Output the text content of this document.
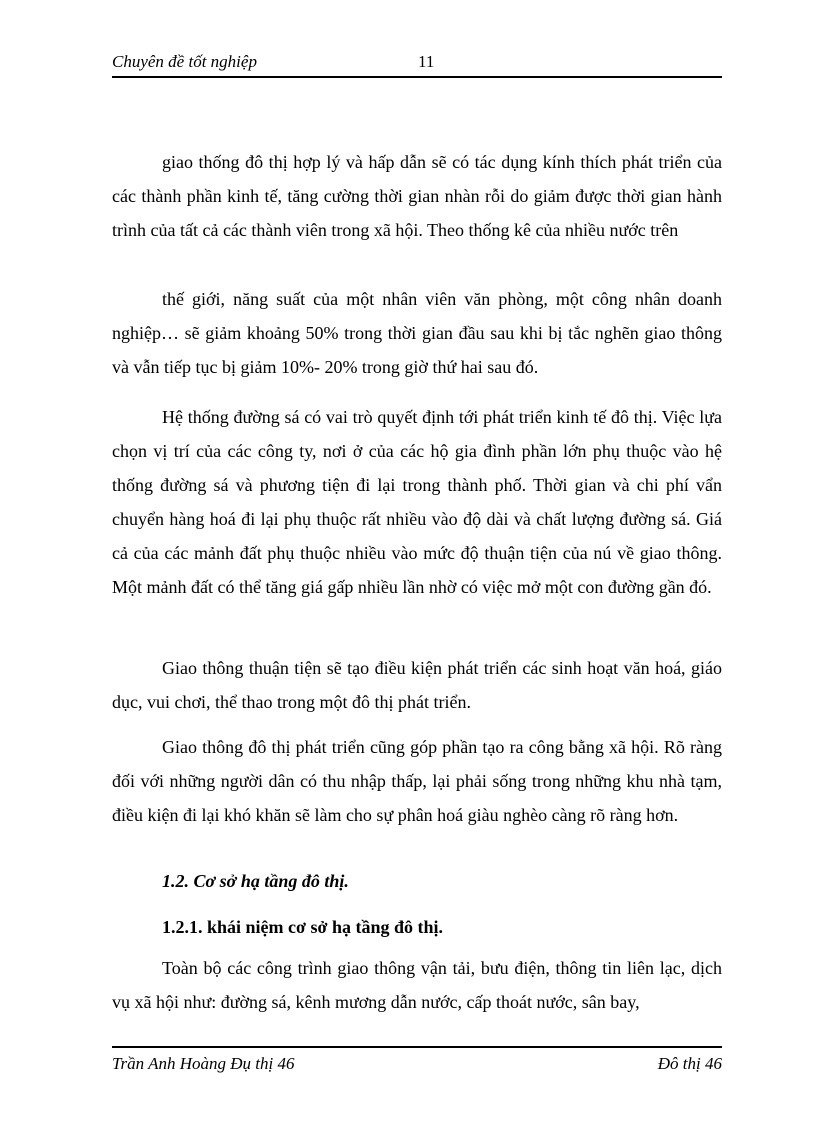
Chuyên đề tốt nghiệp	11

giao thống đô thị hợp lý và hấp dẫn sẽ có tác dụng kính thích phát triển của các thành phần kinh tế, tăng cường thời gian nhàn rỗi do giảm được thời gian hành trình của tất cả các thành viên trong xã hội. Theo thống kê của nhiều nước trên

thế giới, năng suất của một nhân viên văn phòng, một công nhân doanh nghiệp… sẽ giảm khoảng 50% trong thời gian đầu sau khi bị tắc nghẽn giao thông và vẫn tiếp tục bị giảm 10%- 20% trong giờ thứ hai sau đó.

Hệ thống đường sá có vai trò quyết định tới phát triển kinh tế đô thị. Việc lựa chọn vị trí của các công ty, nơi ở của các hộ gia đình phần lớn phụ thuộc vào hệ thống đường sá và phương tiện đi lại trong thành phố. Thời gian và chi phí vẩn chuyển hàng hoá đi lại phụ thuộc rất nhiều vào độ dài và chất lượng đường sá. Giá cả của các mảnh đất phụ thuộc nhiều vào mức độ thuận tiện của nú về giao thông. Một mảnh đất có thể tăng giá gấp nhiều lần nhờ có việc mở một con đường gần đó.

Giao thông thuận tiện sẽ tạo điều kiện phát triển các sinh hoạt văn hoá, giáo dục, vui chơi, thể thao trong một đô thị phát triển.

Giao thông đô thị phát triển cũng góp phần tạo ra công bằng xã hội. Rõ ràng đối với những người dân có thu nhập thấp, lại phải sống trong những khu nhà tạm, điều kiện đi lại khó khăn sẽ làm cho sự phân hoá giàu nghèo càng rõ ràng hơn.

1.2. Cơ sở hạ tầng đô thị.

1.2.1. khái niệm cơ sở hạ tầng đô thị.

Toàn bộ các công trình giao thông vận tải, bưu điện, thông tin liên lạc, dịch vụ xã hội như: đường sá, kênh mương dẫn nước, cấp thoát nước, sân bay,

Trần Anh Hoàng Đụ thị 46	Đô thị 46
